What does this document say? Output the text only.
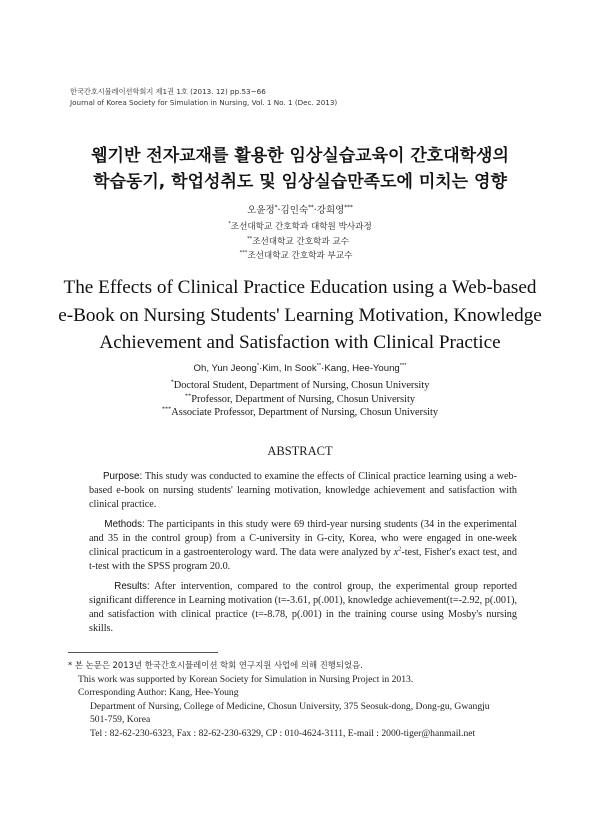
한국간호시뮬레이션학회지 제1권 1호 (2013. 12) pp.53~66
Journal of Korea Society for Simulation in Nursing, Vol. 1 No. 1 (Dec. 2013)
웹기반 전자교재를 활용한 임상실습교육이 간호대학생의
학습동기, 학업성취도 및 임상실습만족도에 미치는 영향
오윤정*·김인숙**·강희영***
*조선대학교 간호학과 대학원 박사과정
**조선대학교 간호학과 교수
***조선대학교 간호학과 부교수
The Effects of Clinical Practice Education using a Web-based
e-Book on Nursing Students' Learning Motivation, Knowledge
Achievement and Satisfaction with Clinical Practice
Oh, Yun Jeong*·Kim, In Sook**·Kang, Hee-Young***
*Doctoral Student, Department of Nursing, Chosun University
**Professor, Department of Nursing, Chosun University
***Associate Professor, Department of Nursing, Chosun University
ABSTRACT
Purpose: This study was conducted to examine the effects of Clinical practice learning using a web-based e-book on nursing students' learning motivation, knowledge achievement and satisfaction with clinical practice.
Methods: The participants in this study were 69 third-year nursing students (34 in the experimental and 35 in the control group) from a C-university in G-city, Korea, who were engaged in one-week clinical practicum in a gastroenterology ward. The data were analyzed by $x^2$-test, Fisher's exact test, and t-test with the SPSS program 20.0.
Results: After intervention, compared to the control group, the experimental group reported significant difference in Learning motivation (t=-3.61, p(.001), knowledge achievement(t=-2.92, p(.001), and satisfaction with clinical practice (t=-8.78, p(.001) in the training course using Mosby's nursing skills.
* 본 논문은 2013년 한국간호시뮬레이션 학회 연구지원 사업에 의해 진행되었음.
This work was supported by Korean Society for Simulation in Nursing Project in 2013.
Corresponding Author: Kang, Hee-Young
Department of Nursing, College of Medicine, Chosun University, 375 Seosuk-dong, Dong-gu, Gwangju
501-759, Korea
Tel : 82-62-230-6323, Fax : 82-62-230-6329, CP : 010-4624-3111, E-mail : 2000-tiger@hanmail.net
